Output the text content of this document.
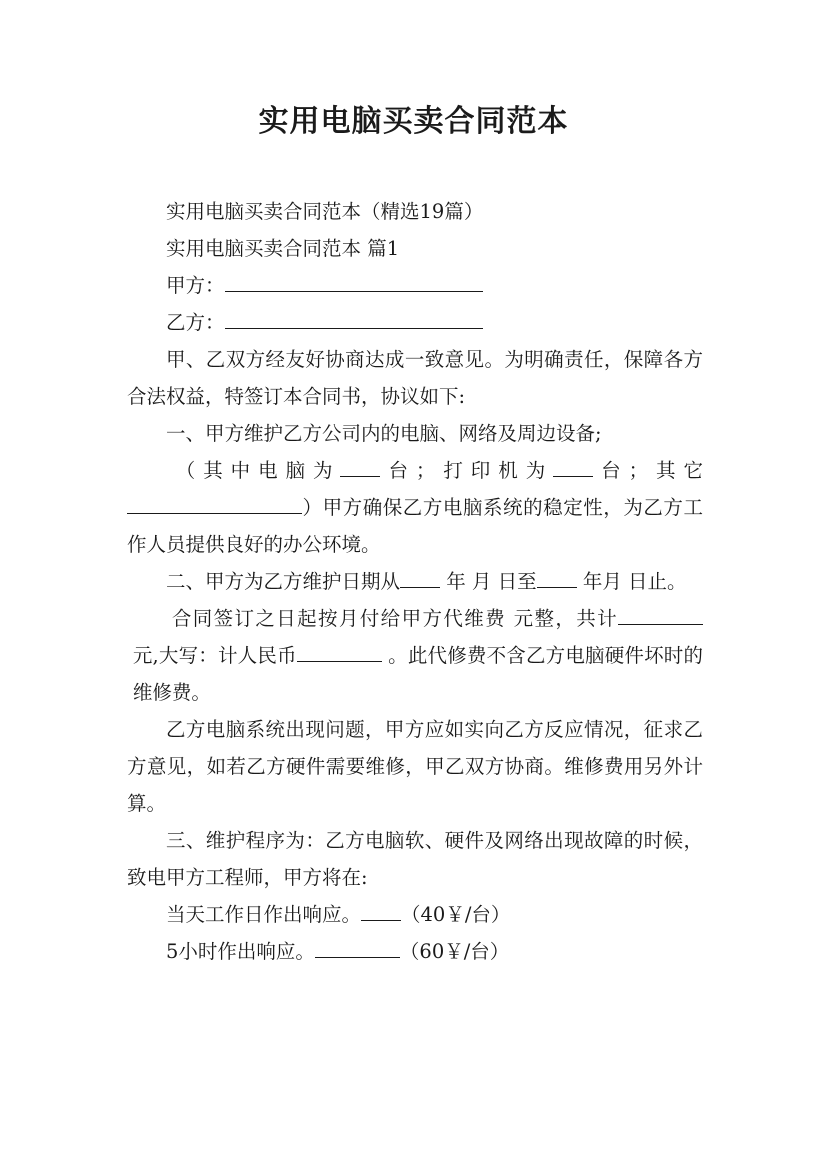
实用电脑买卖合同范本

实用电脑买卖合同范本（精选19篇）

实用电脑买卖合同范本 篇1

甲方：

乙方：

甲、乙双方经友好协商达成一致意见。为明确责任，保障各方合法权益，特签订本合同书，协议如下:

一、甲方维护乙方公司内的电脑、网络及周边设备;

（其中电脑为 台；打印机为 台；其它

）甲方确保乙方电脑系统的稳定性，为乙方工作人员提供良好的办公环境。

二、甲方为乙方维护日期从 年 月 日至 年月 日止。

合同签订之日起按月付给甲方代维费 元整，共计 元,大写：计人民币	。此代修费不含乙方电脑硬件坏时的维修费。

乙方电脑系统出现问题，甲方应如实向乙方反应情况，征求乙方意见，如若乙方硬件需要维修，甲乙双方协商。维修费用另外计算。

三、维护程序为：乙方电脑软、硬件及网络出现故障的时候，致电甲方工程师，甲方将在:

当天工作日作出响应。 （40￥/台）

5小时作出响应。	（60￥/台）
